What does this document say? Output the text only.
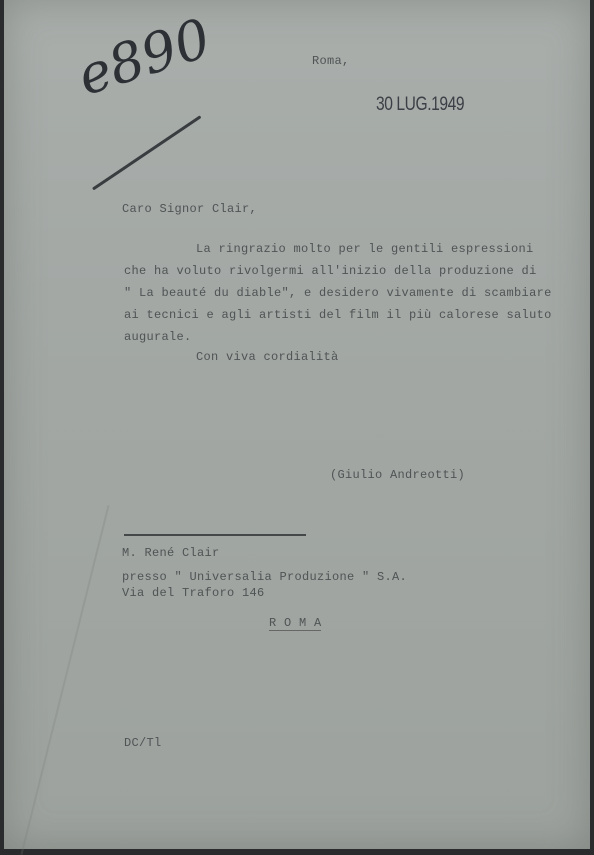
Roma,
30 LUG.1949
e890
Caro Signor Clair,
La ringrazio molto per le gentili espressioni
che ha voluto rivolgermi all'inizio della produzione di
" La beauté du diable", e desidero vivamente di scambiare
ai tecnici e agli artisti del film il più calorese saluto
augurale.
Con viva cordialità
(Giulio Andreotti)
M. René Clair
presso " Universalia Produzione " S.A.
Via del Traforo 146
R O M A
DC/Tl
